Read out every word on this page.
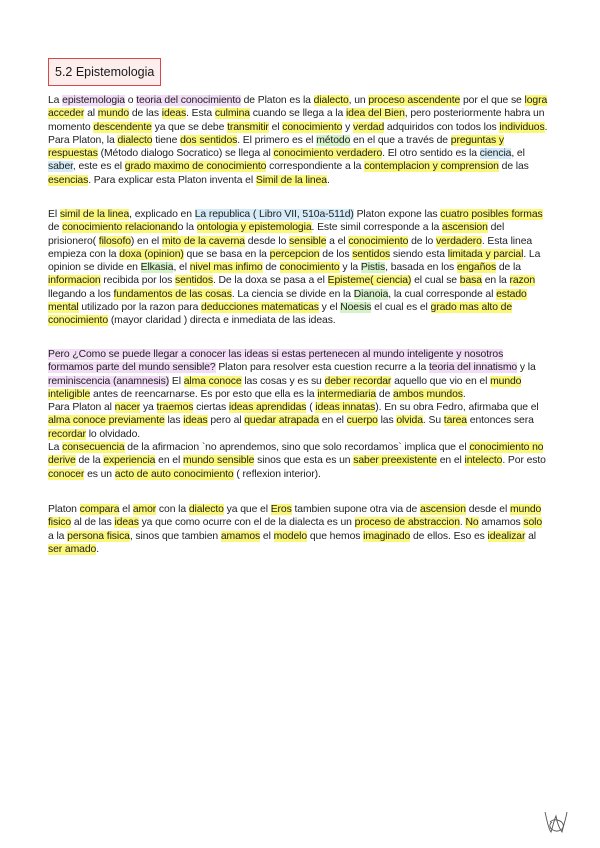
5.2 Epistemologia

La epistemologia o teoria del conocimiento de Platon es la dialecto, un proceso ascendente por el que se logra acceder al mundo de las ideas. Esta culmina cuando se llega a la idea del Bien, pero posteriormente habra un momento descendente ya que se debe transmitir el conocimiento y verdad adquiridos con todos los individuos. Para Platon, la dialecto tiene dos sentidos. El primero es el método en el que a través de preguntas y respuestas (Método dialogo Socratico) se llega al conocimiento verdadero. El otro sentido es la ciencia, el saber, este es el grado maximo de conocimiento correspondiente a la contemplacion y comprension de las esencias. Para explicar esta Platon inventa el Simil de la linea.

El simil de la linea, explicado en La republica ( Libro VII, 510a-511d) Platon expone las cuatro posibles formas de conocimiento relacionando la ontologia y epistemologia. Este simil corresponde a la ascension del prisionero( filosofo) en el mito de la caverna desde lo sensible a el conocimiento de lo verdadero. Esta linea empieza con la doxa (opinion) que se basa en la percepcion de los sentidos siendo esta limitada y parcial. La opinion se divide en Elkasia, el nivel mas infimo de conocimiento y la Pistis, basada en los engaños de la informacion recibida por los sentidos. De la doxa se pasa a el Episteme( ciencia) el cual se basa en la razon llegando a los fundamentos de las cosas. La ciencia se divide en la Dianoia, la cual corresponde al estado mental utilizado por la razon para deducciones matematicas y el Noesis el cual es el grado mas alto de conocimiento (mayor claridad ) directa e inmediata de las ideas.

Pero ¿Como se puede llegar a conocer las ideas si estas pertenecen al mundo inteligente y nosotros formamos parte del mundo sensible? Platon para resolver esta cuestion recurre a la teoria del innatismo y la reminiscencia (anamnesis) El alma conoce las cosas y es su deber recordar aquello que vio en el mundo inteligible antes de reencarnarse. Es por esto que ella es la intermediaria de ambos mundos.
Para Platon al nacer ya traemos ciertas ideas aprendidas ( ideas innatas). En su obra Fedro, afirmaba que el alma conoce previamente las ideas pero al quedar atrapada en el cuerpo las olvida. Su tarea entonces sera recordar lo olvidado.
La consecuencia de la afirmacion `no aprendemos, sino que solo recordamos` implica que el conocimiento no derive de la experiencia en el mundo sensible sinos que esta es un saber preexistente en el intelecto. Por esto conocer es un acto de auto conocimiento ( reflexion interior).

Platon compara el amor con la dialecto ya que el Eros tambien supone otra via de ascension desde el mundo fisico al de las ideas ya que como ocurre con el de la dialecta es un proceso de abstraccion. No amamos solo a la persona fisica, sinos que tambien amamos el modelo que hemos imaginado de ellos. Eso es idealizar al ser amado.
